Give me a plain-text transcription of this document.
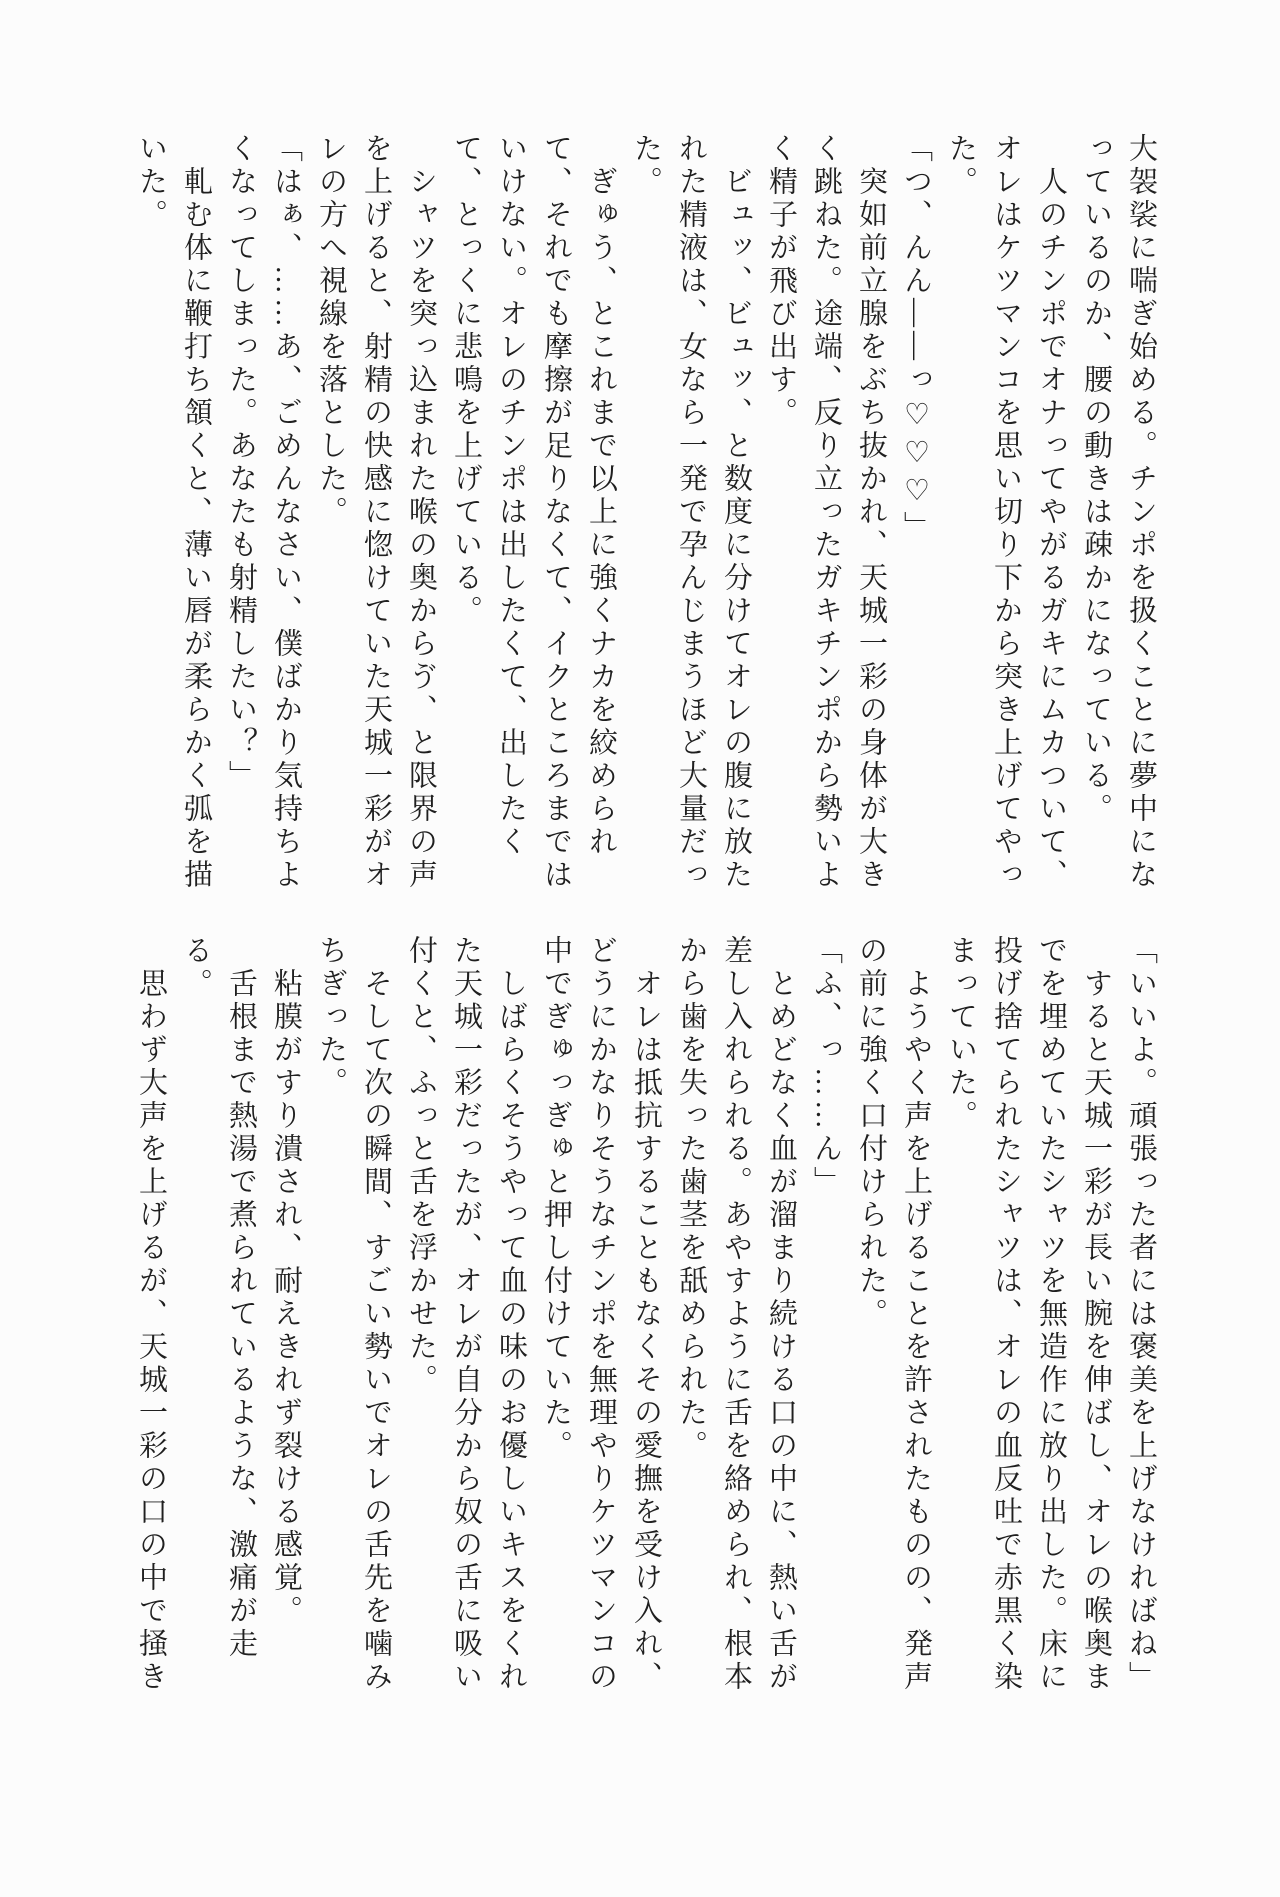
大袈裟に喘ぎ始める。チンポを扱くことに夢中になっているのか、腰の動きは疎かになっている。

人のチンポでオナってやがるガキにムカついて、オレはケツマンコを思い切り下から突き上げてやった。

「つ、んん――っ♡♡♡」

突如前立腺をぶち抜かれ、天城一彩の身体が大きく跳ねた。途端、反り立ったガキチンポから勢いよく精子が飛び出す。

ビュッ、ビュッ、と数度に分けてオレの腹に放たれた精液は、女なら一発で孕んじまうほど大量だった。

ぎゅう、とこれまで以上に強くナカを絞められて、それでも摩擦が足りなくて、イクところまではいけない。オレのチンポは出したくて、出したくて、とっくに悲鳴を上げている。

シャツを突っ込まれた喉の奥からゔ、と限界の声を上げると、射精の快感に惚けていた天城一彩がオレの方へ視線を落とした。

「はぁ、……あ、ごめんなさい、僕ばかり気持ちよくなってしまった。あなたも射精したい？」

軋む体に鞭打ち頷くと、薄い唇が柔らかく弧を描いた。

「いいよ。頑張った者には褒美を上げなければね」

すると天城一彩が長い腕を伸ばし、オレの喉奥までを埋めていたシャツを無造作に放り出した。床に投げ捨てられたシャツは、オレの血反吐で赤黒く染まっていた。

ようやく声を上げることを許されたものの、発声の前に強く口付けられた。

「ふ、っ……ん」

とめどなく血が溜まり続ける口の中に、熱い舌が差し入れられる。あやすように舌を絡められ、根本から歯を失った歯茎を舐められた。

オレは抵抗することもなくその愛撫を受け入れ、どうにかなりそうなチンポを無理やりケツマンコの中でぎゅっぎゅと押し付けていた。

しばらくそうやって血の味のお優しいキスをくれた天城一彩だったが、オレが自分から奴の舌に吸い付くと、ふっと舌を浮かせた。

そして次の瞬間、すごい勢いでオレの舌先を噛みちぎった。

粘膜がすり潰され、耐えきれず裂ける感覚。

舌根まで熱湯で煮られているような、激痛が走る。

思わず大声を上げるが、天城一彩の口の中で掻き
